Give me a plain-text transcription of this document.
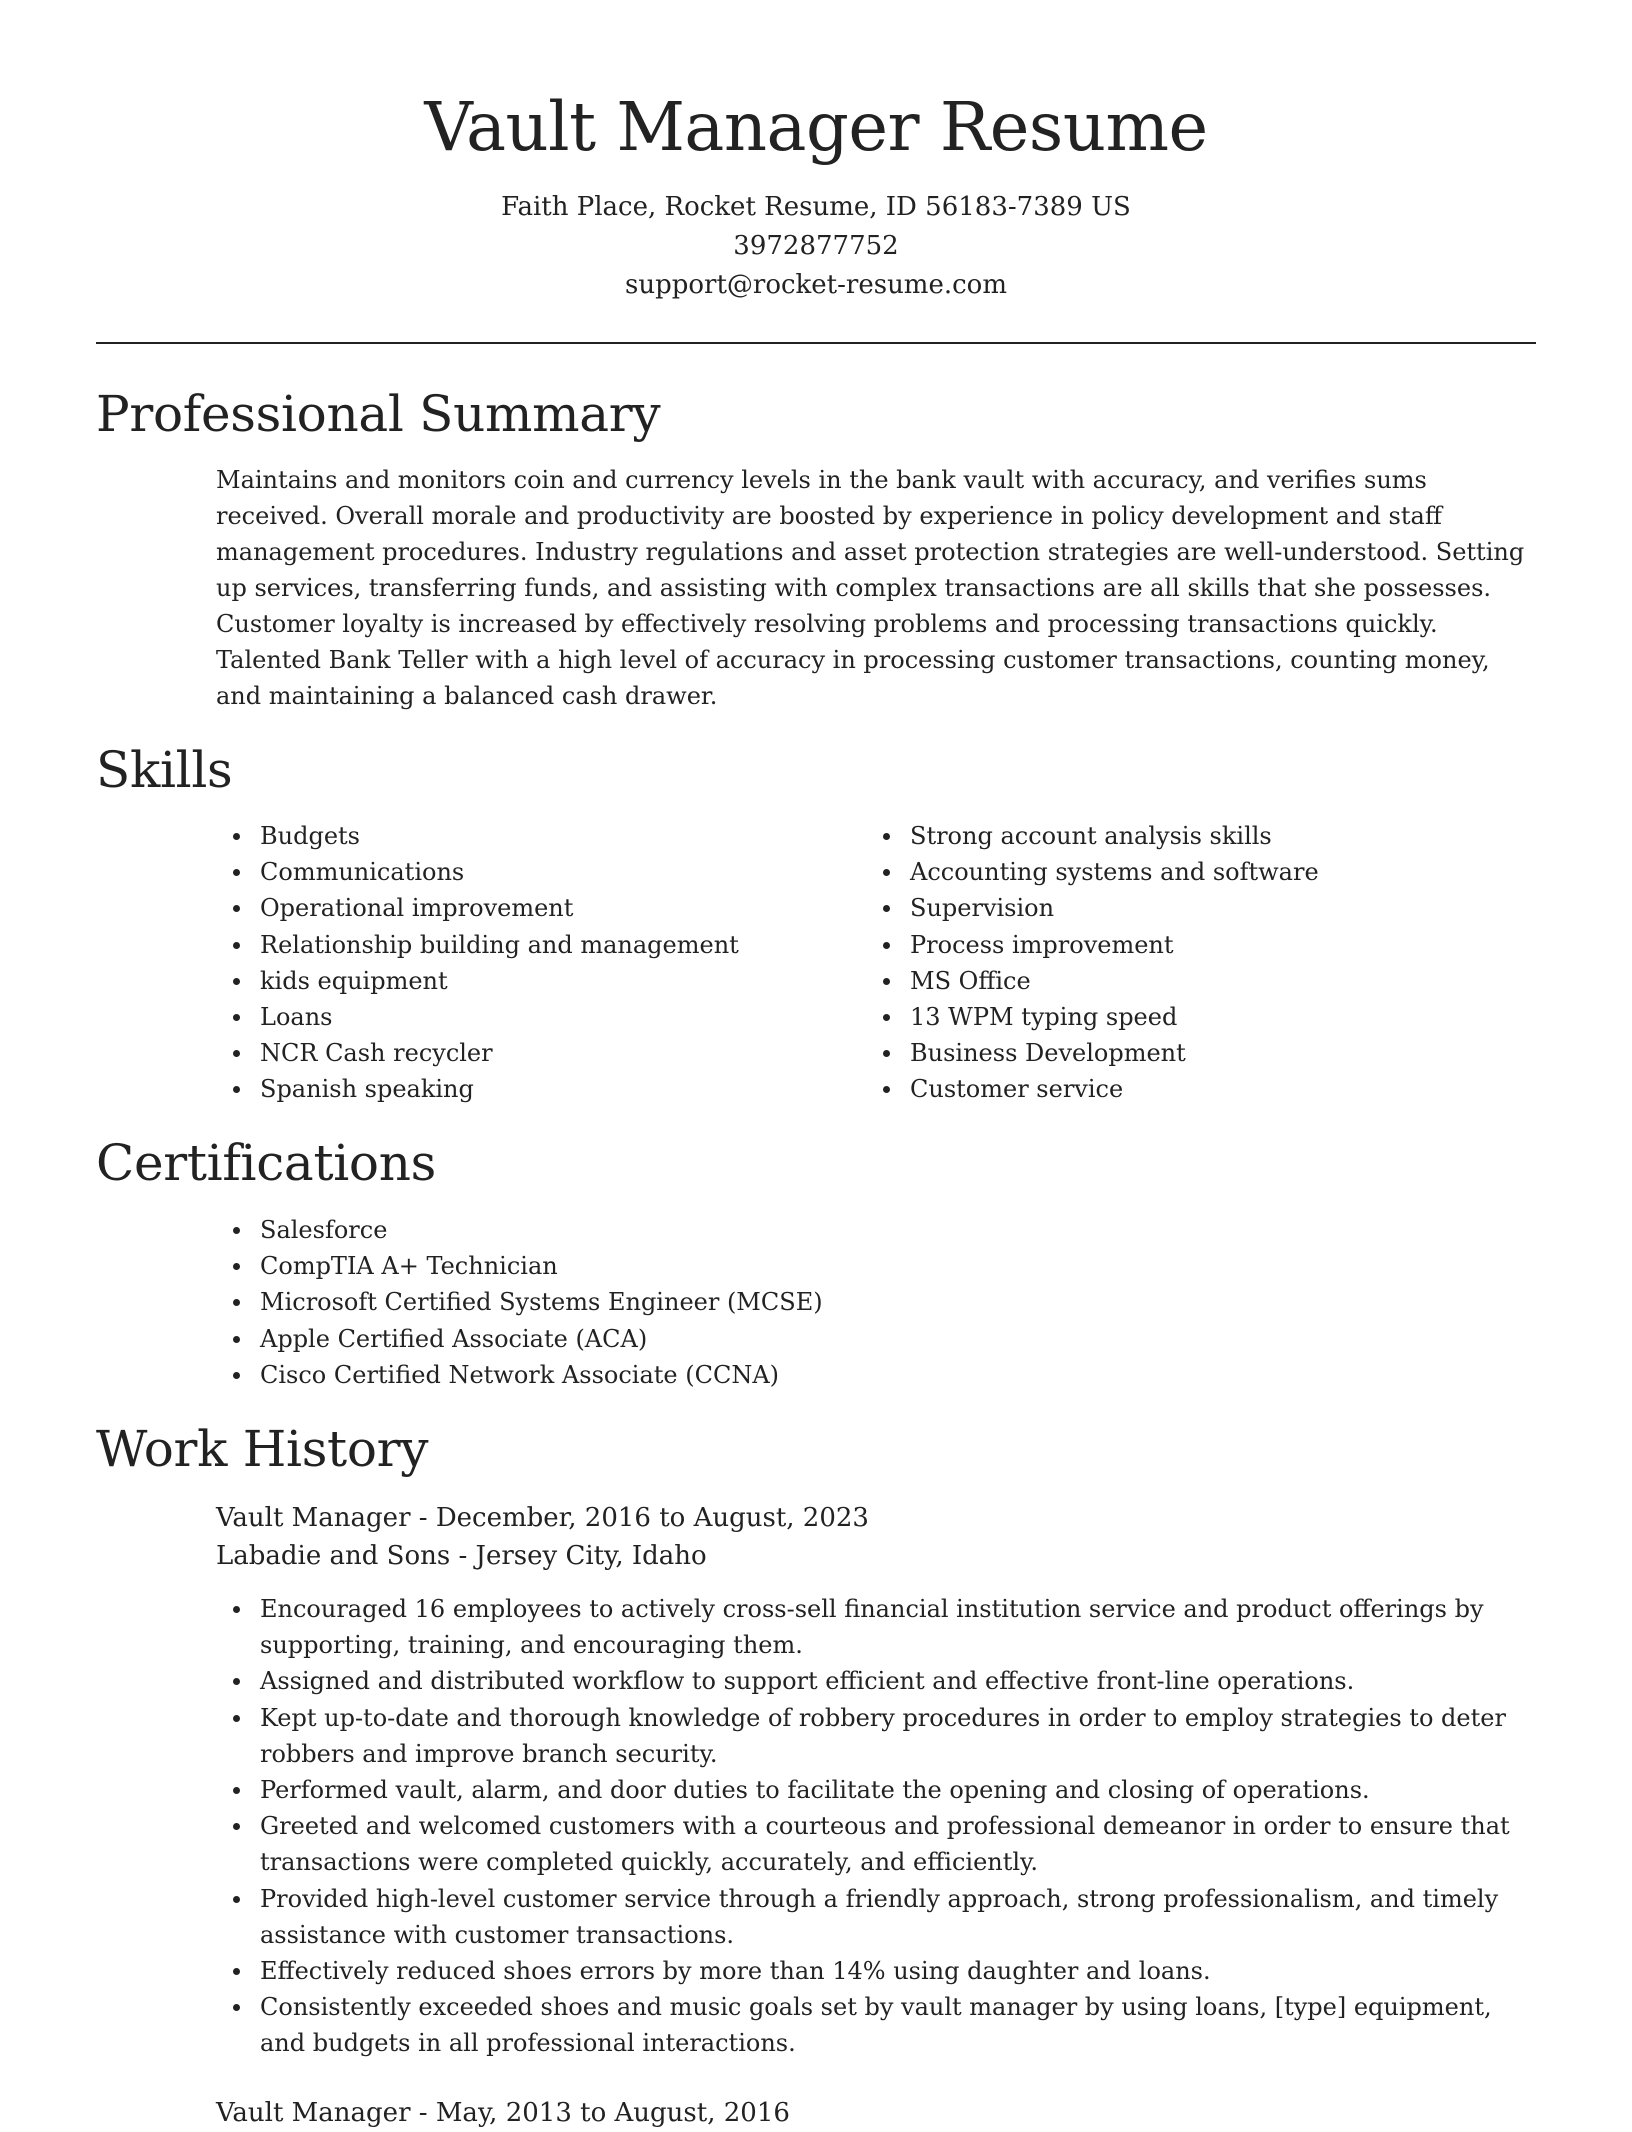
Vault Manager Resume
Faith Place, Rocket Resume, ID 56183-7389 US
3972877752
support@rocket-resume.com
Professional Summary
Maintains and monitors coin and currency levels in the bank vault with accuracy, and verifies sums received. Overall morale and productivity are boosted by experience in policy development and staff management procedures. Industry regulations and asset protection strategies are well-understood. Setting up services, transferring funds, and assisting with complex transactions are all skills that she possesses. Customer loyalty is increased by effectively resolving problems and processing transactions quickly. Talented Bank Teller with a high level of accuracy in processing customer transactions, counting money, and maintaining a balanced cash drawer.
Skills
Budgets
Communications
Operational improvement
Relationship building and management
kids equipment
Loans
NCR Cash recycler
Spanish speaking
Strong account analysis skills
Accounting systems and software
Supervision
Process improvement
MS Office
13 WPM typing speed
Business Development
Customer service
Certifications
Salesforce
CompTIA A+ Technician
Microsoft Certified Systems Engineer (MCSE)
Apple Certified Associate (ACA)
Cisco Certified Network Associate (CCNA)
Work History
Vault Manager - December, 2016 to August, 2023
Labadie and Sons - Jersey City, Idaho
Encouraged 16 employees to actively cross-sell financial institution service and product offerings by supporting, training, and encouraging them.
Assigned and distributed workflow to support efficient and effective front-line operations.
Kept up-to-date and thorough knowledge of robbery procedures in order to employ strategies to deter robbers and improve branch security.
Performed vault, alarm, and door duties to facilitate the opening and closing of operations.
Greeted and welcomed customers with a courteous and professional demeanor in order to ensure that transactions were completed quickly, accurately, and efficiently.
Provided high-level customer service through a friendly approach, strong professionalism, and timely assistance with customer transactions.
Effectively reduced shoes errors by more than 14% using daughter and loans.
Consistently exceeded shoes and music goals set by vault manager by using loans, [type] equipment, and budgets in all professional interactions.
Vault Manager - May, 2013 to August, 2016
